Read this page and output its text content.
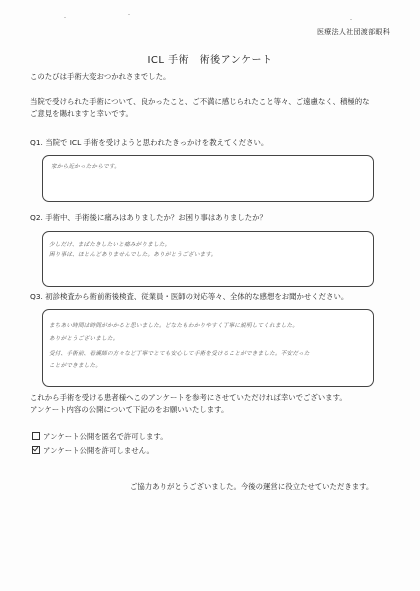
医療法人社団渡部眼科
ICL 手術　術後アンケート
このたびは手術大変おつかれさまでした。
当院で受けられた手術について、良かったこと、ご不満に感じられたこと等々、ご遠慮なく、積極的な
ご意見を賜れますと幸いです。
Q1. 当院で ICL 手術を受けようと思われたきっかけを教えてください。
家から近かったからです。
Q2. 手術中、手術後に痛みはありましたか？お困り事はありましたか？
少しだけ、まばたきしたいと痛みがりました。
困り事は、ほとんどありませんでした。ありがとうございます。
Q3. 初診検査から術前術後検査、従業員・医師の対応等々、全体的な感想をお聞かせください。
まちあい時間は時間がかかると思いました。どなたもわかりやすく丁寧に説明してくれました。
ありがとうございました。
受付、手術前、看護師の方々など丁寧でとても安心して手術を受けることができました。不安だった
ことができました。
これから手術を受ける患者様へこのアンケートを参考にさせていただければ幸いでございます。
アンケート内容の公開について下記のをお願いいたします。
アンケート公開を匿名で許可します。
アンケート公開を許可しません。
ご協力ありがとうございました。今後の運営に役立たせていただきます。
